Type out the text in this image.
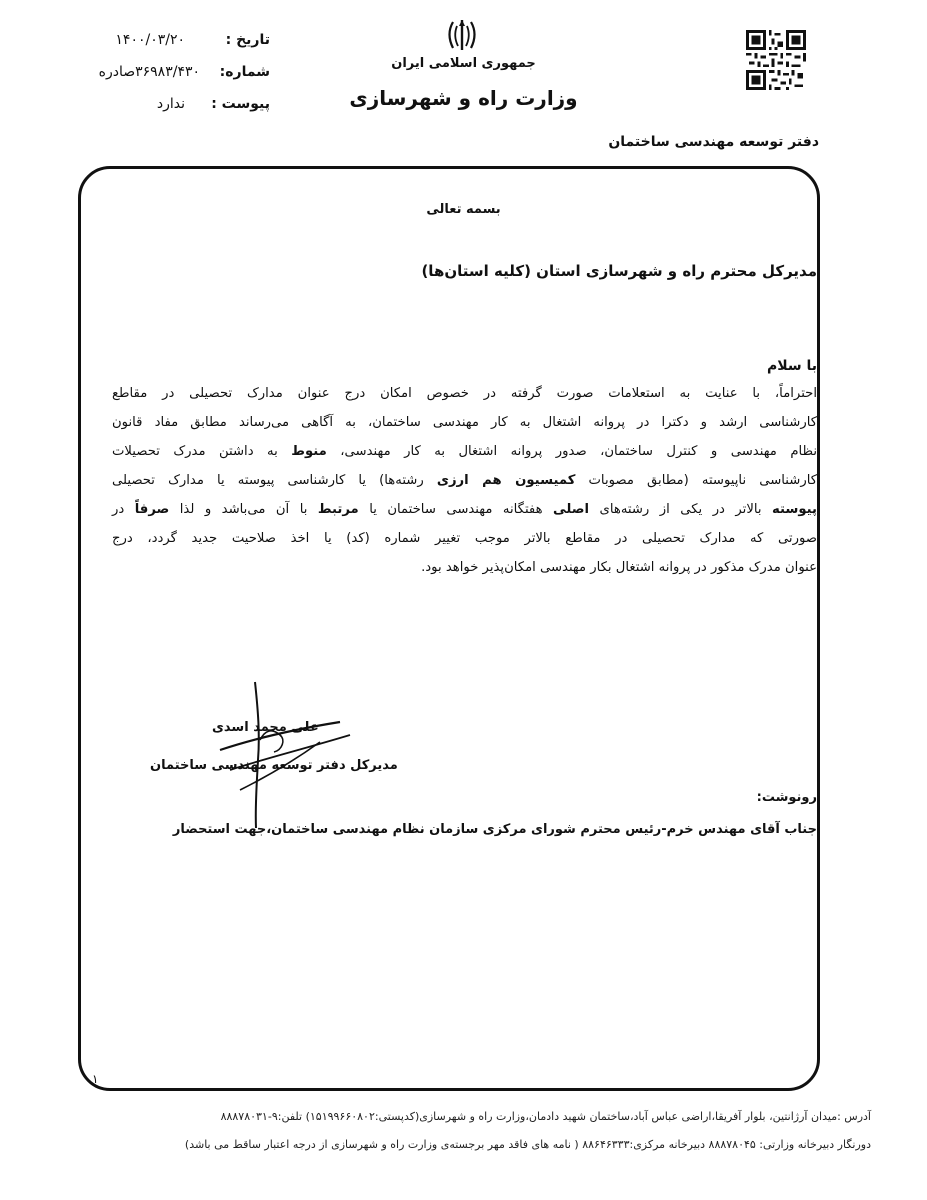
تاریخ :
۱۴۰۰/۰۳/۲۰
شماره:
۳۶۹۸۳/۴۳۰صادره
پیوست :
ندارد
جمهوری اسلامی ایران
وزارت راه و شهرسازی
دفتر توسعه مهندسی ساختمان
بسمه تعالی
مدیرکل محترم راه و شهرسازی استان (کلیه استان‌ها)
با سلام
احتراماً، با عنایت به استعلامات صورت گرفته در خصوص امکان درج عنوان مدارک تحصیلی در مقاطع
کارشناسی ارشد و دکترا در پروانه اشتغال به کار مهندسی ساختمان، به آگاهی می‌رساند مطابق مفاد قانون
نظام مهندسی و کنترل ساختمان، صدور پروانه اشتغال به کار مهندسی، منوط به داشتن مدرک تحصیلات
کارشناسی ناپیوسته (مطابق مصوبات کمیسیون هم ارزی رشته‌ها) یا کارشناسی پیوسته یا مدارک تحصیلی
پیوسته بالاتر در یکی از رشته‌های اصلی هفتگانه مهندسی ساختمان یا مرتبط با آن می‌باشد و لذا صرفاً در
صورتی که مدارک تحصیلی در مقاطع بالاتر موجب تغییر شماره (کد) یا اخذ صلاحیت جدید گردد، درج
عنوان مدرک مذکور در پروانه اشتغال بکار مهندسی امکان‌پذیر خواهد بود.
علی محمد اسدی
مدیرکل دفتر توسعه مهندسی ساختمان
رونوشت:
جناب آقای مهندس خرم-رئیس محترم شورای مرکزی سازمان نظام مهندسی ساختمان،جهت استحضار
۱
آدرس :میدان آرژانتین، بلوار آفریقا،اراضی عباس آباد،ساختمان شهید دادمان،وزارت راه و شهرسازی(کدپستی:۱۵۱۹۹۶۶۰۸۰۲) تلفن:۹-۸۸۸۷۸۰۳۱
دورنگار دبیرخانه وزارتی: ۸۸۸۷۸۰۴۵ دبیرخانه مرکزی:۸۸۶۴۶۳۳۳ ( نامه های فاقد مهر برجسته‌ی وزارت راه و شهرسازی از درجه اعتبار ساقط می باشد)
